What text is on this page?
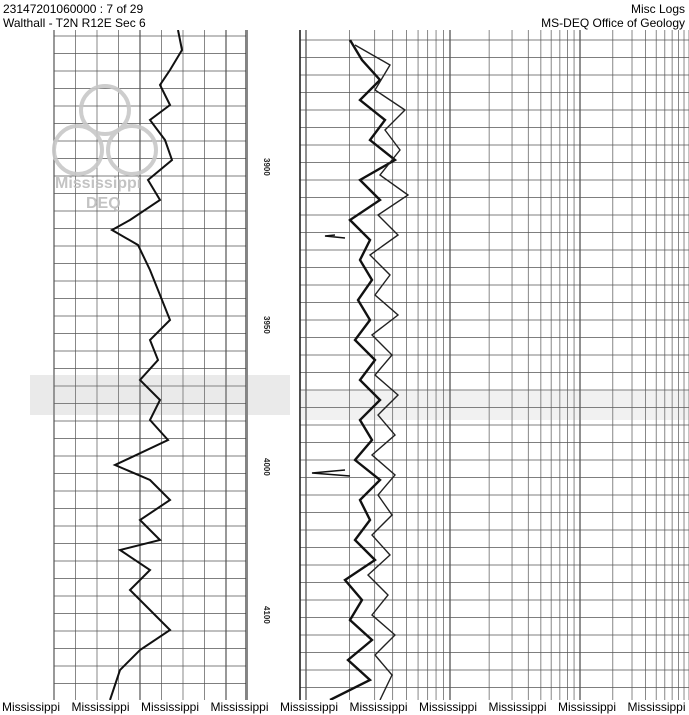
23147201060000 : 7 of 29
Walthall - T2N R12E Sec 6
Misc Logs
MS-DEQ Office of Geology
Mississippi
DEQ
3900
3950
4000
4100
Mississippi Mississippi Mississippi Mississippi Mississippi Mississippi Mississippi Mississippi Mississippi Mississippi
